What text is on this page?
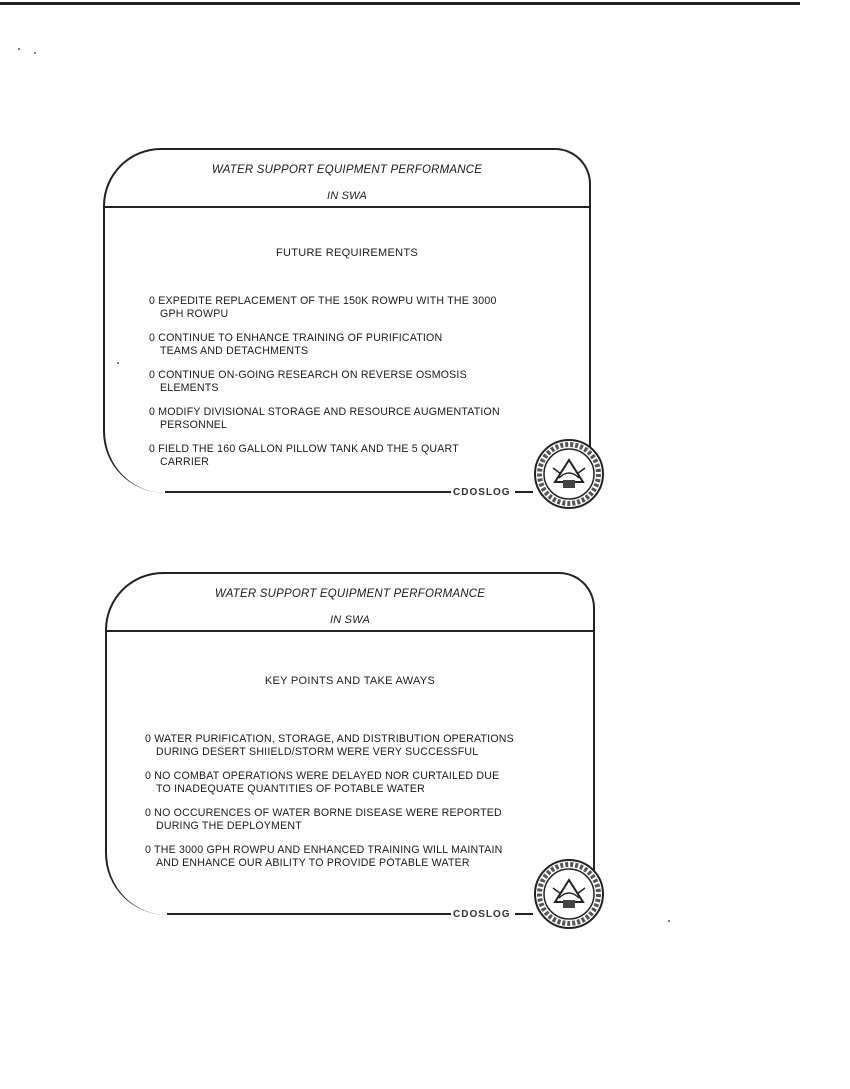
WATER SUPPORT EQUIPMENT PERFORMANCE
IN SWA
FUTURE REQUIREMENTS
0 EXPEDITE REPLACEMENT OF THE 150K ROWPU WITH THE 3000
GPH ROWPU
0 CONTINUE TO ENHANCE TRAINING OF PURIFICATION
TEAMS AND DETACHMENTS
0 CONTINUE ON-GOING RESEARCH ON REVERSE OSMOSIS
ELEMENTS
0 MODIFY DIVISIONAL STORAGE AND RESOURCE AUGMENTATION
PERSONNEL
0 FIELD THE 160 GALLON PILLOW TANK AND THE 5 QUART
CARRIER
CDOSLOG
WATER SUPPORT EQUIPMENT PERFORMANCE
IN SWA
KEY POINTS AND TAKE AWAYS
0 WATER PURIFICATION, STORAGE, AND DISTRIBUTION OPERATIONS
DURING DESERT SHIIELD/STORM WERE VERY SUCCESSFUL
0 NO COMBAT OPERATIONS WERE DELAYED NOR CURTAILED DUE
TO INADEQUATE QUANTITIES OF POTABLE WATER
0 NO OCCURENCES OF WATER BORNE DISEASE WERE REPORTED
DURING THE DEPLOYMENT
0 THE 3000 GPH ROWPU AND ENHANCED TRAINING WILL MAINTAIN
AND ENHANCE OUR ABILITY TO PROVIDE POTABLE WATER
CDOSLOG
